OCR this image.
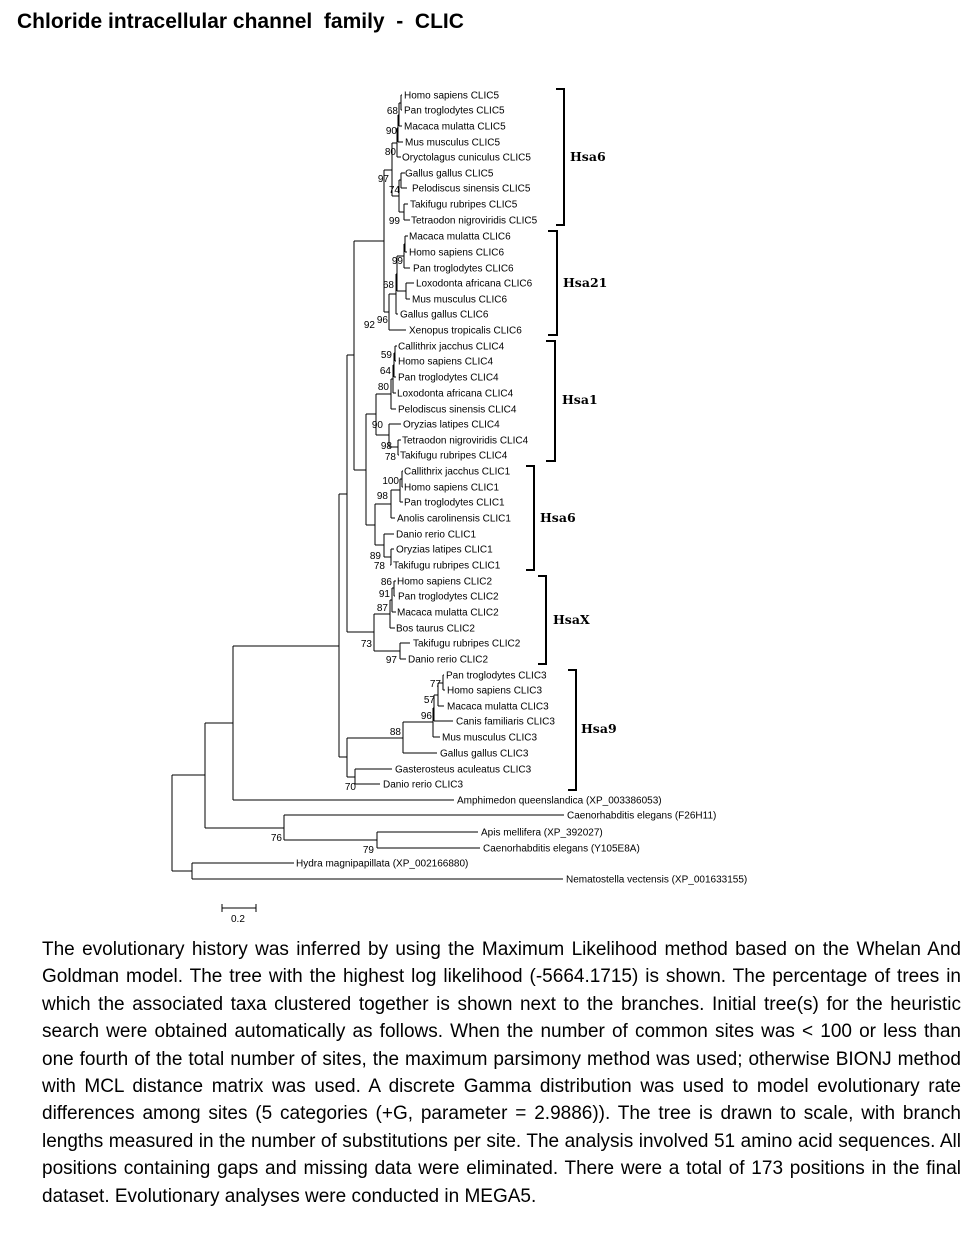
Chloride intracellular channel  family  -  CLIC
Homo sapiens CLIC5
Pan troglodytes CLIC5
Macaca mulatta CLIC5
Mus musculus CLIC5
Oryctolagus cuniculus CLIC5
Gallus gallus CLIC5
Pelodiscus sinensis CLIC5
Takifugu rubripes CLIC5
Tetraodon nigroviridis CLIC5
Macaca mulatta CLIC6
Homo sapiens CLIC6
Pan troglodytes CLIC6
Loxodonta africana CLIC6
Mus musculus CLIC6
Gallus gallus CLIC6
Xenopus tropicalis CLIC6
Callithrix jacchus CLIC4
Homo sapiens CLIC4
Pan troglodytes CLIC4
Loxodonta africana CLIC4
Pelodiscus sinensis CLIC4
Oryzias latipes CLIC4
Tetraodon nigroviridis CLIC4
Takifugu rubripes CLIC4
Callithrix jacchus CLIC1
Homo sapiens CLIC1
Pan troglodytes CLIC1
Anolis carolinensis CLIC1
Danio rerio CLIC1
Oryzias latipes CLIC1
Takifugu rubripes CLIC1
Homo sapiens CLIC2
Pan troglodytes CLIC2
Macaca mulatta CLIC2
Bos taurus CLIC2
Takifugu rubripes CLIC2
Danio rerio CLIC2
Pan troglodytes CLIC3
Homo sapiens CLIC3
Macaca mulatta CLIC3
Canis familiaris CLIC3
Mus musculus CLIC3
Gallus gallus CLIC3
Gasterosteus aculeatus CLIC3
Danio rerio CLIC3
Amphimedon queenslandica (XP_003386053)
Caenorhabditis elegans (F26H11)
Apis mellifera (XP_392027)
Caenorhabditis elegans (Y105E8A)
Hydra magnipapillata (XP_002166880)
Nematostella vectensis (XP_001633155)
68
90
80
97
74
99
99
68
96
92
59
64
80
90
98
78
100
98
89
78
86
91
87
73
97
77
57
96
88
70
76
79
Hsa6
Hsa21
Hsa1
Hsa6
HsaX
Hsa9
0.2

The evolutionary history was inferred by using the Maximum Likelihood method based on the Whelan And Goldman model. The tree with the highest log likelihood (-5664.1715) is shown. The percentage of trees in which the associated taxa clustered together is shown next to the branches. Initial tree(s) for the heuristic search were obtained automatically as follows. When the number of common sites was < 100 or less than one fourth of the total number of sites, the maximum parsimony method was used; otherwise BIONJ method with MCL distance matrix was used. A discrete Gamma distribution was used to model evolutionary rate differences among sites (5 categories (+G, parameter = 2.9886)). The tree is drawn to scale, with branch lengths measured in the number of substitutions per site. The analysis involved 51 amino acid sequences. All positions containing gaps and missing data were eliminated. There were a total of 173 positions in the final dataset. Evolutionary analyses were conducted in MEGA5.
